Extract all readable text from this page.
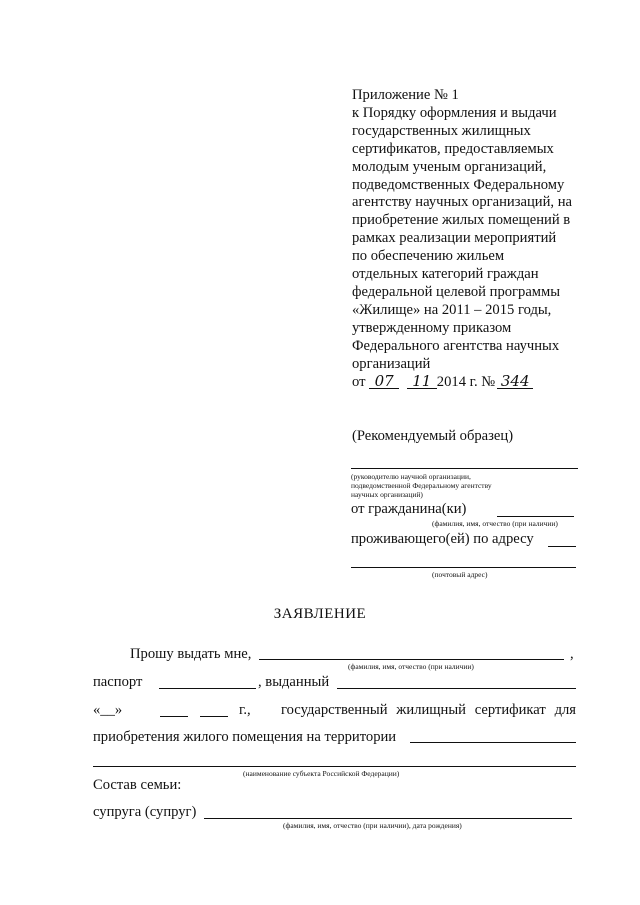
Приложение № 1
к Порядку оформления и выдачи
государственных жилищных
сертификатов, предоставляемых
молодым ученым организаций,
подведомственных Федеральному
агентству научных организаций, на
приобретение жилых помещений в
рамках реализации мероприятий
по обеспечению жильем
отдельных категорий граждан
федеральной целевой программы
«Жилище» на 2011 – 2015 годы,
утвержденному приказом
Федерального агентства научных
организаций
от 07 11 2014 г. № 344
(Рекомендуемый образец)
(руководителю научной организации,
подведомственной Федеральному агентству
научных организаций)
от гражданина(ки)
(фамилия, имя, отчество (при наличии)
проживающего(ей) по адресу
(почтовый адрес)
ЗАЯВЛЕНИЕ
Прошу выдать мне,	,
(фамилия, имя, отчество (при наличии)
паспорт	, выданный
«__»	г., государственный жилищный сертификат для
приобретения жилого помещения на территории
(наименование субъекта Российской Федерации)
Состав семьи:
супруга (супруг)
(фамилия, имя, отчество (при наличии), дата рождения)
